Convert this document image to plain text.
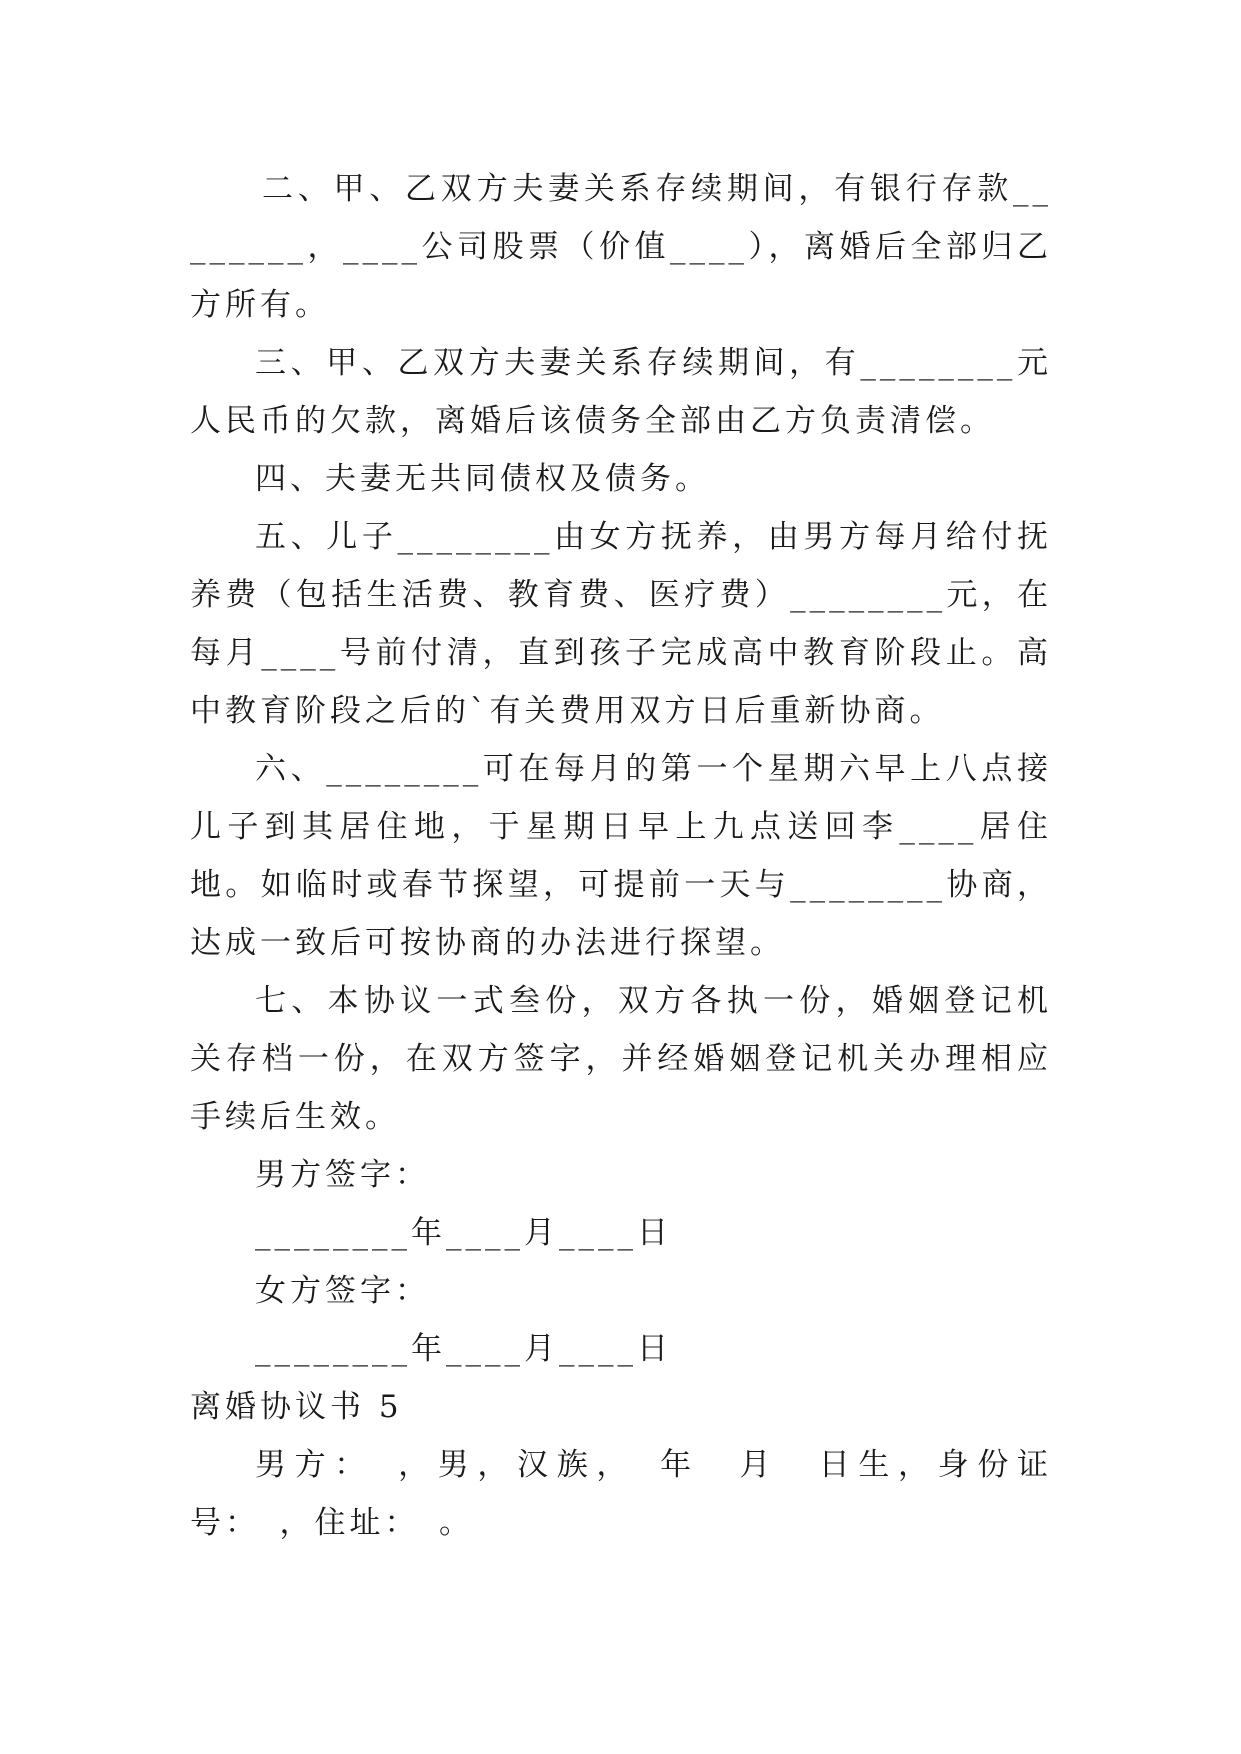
二、甲、乙双方夫妻关系存续期间，有银行存款________，____公司股票（价值____），离婚后全部归乙方所有。

三、甲、乙双方夫妻关系存续期间，有________元人民币的欠款，离婚后该债务全部由乙方负责清偿。

四、夫妻无共同债权及债务。

五、儿子________由女方抚养，由男方每月给付抚养费（包括生活费、教育费、医疗费）________元，在每月____号前付清，直到孩子完成高中教育阶段止。高中教育阶段之后的`有关费用双方日后重新协商。

六、________可在每月的第一个星期六早上八点接儿子到其居住地，于星期日早上九点送回李____居住地。如临时或春节探望，可提前一天与________协商，达成一致后可按协商的办法进行探望。

七、本协议一式叁份，双方各执一份，婚姻登记机关存档一份，在双方签字，并经婚姻登记机关办理相应手续后生效。

男方签字：

________年____月____日

女方签字：

________年____月____日

离婚协议书 5

男方：　，男，汉族，　年　月　日生，身份证号：　，住址：　。
